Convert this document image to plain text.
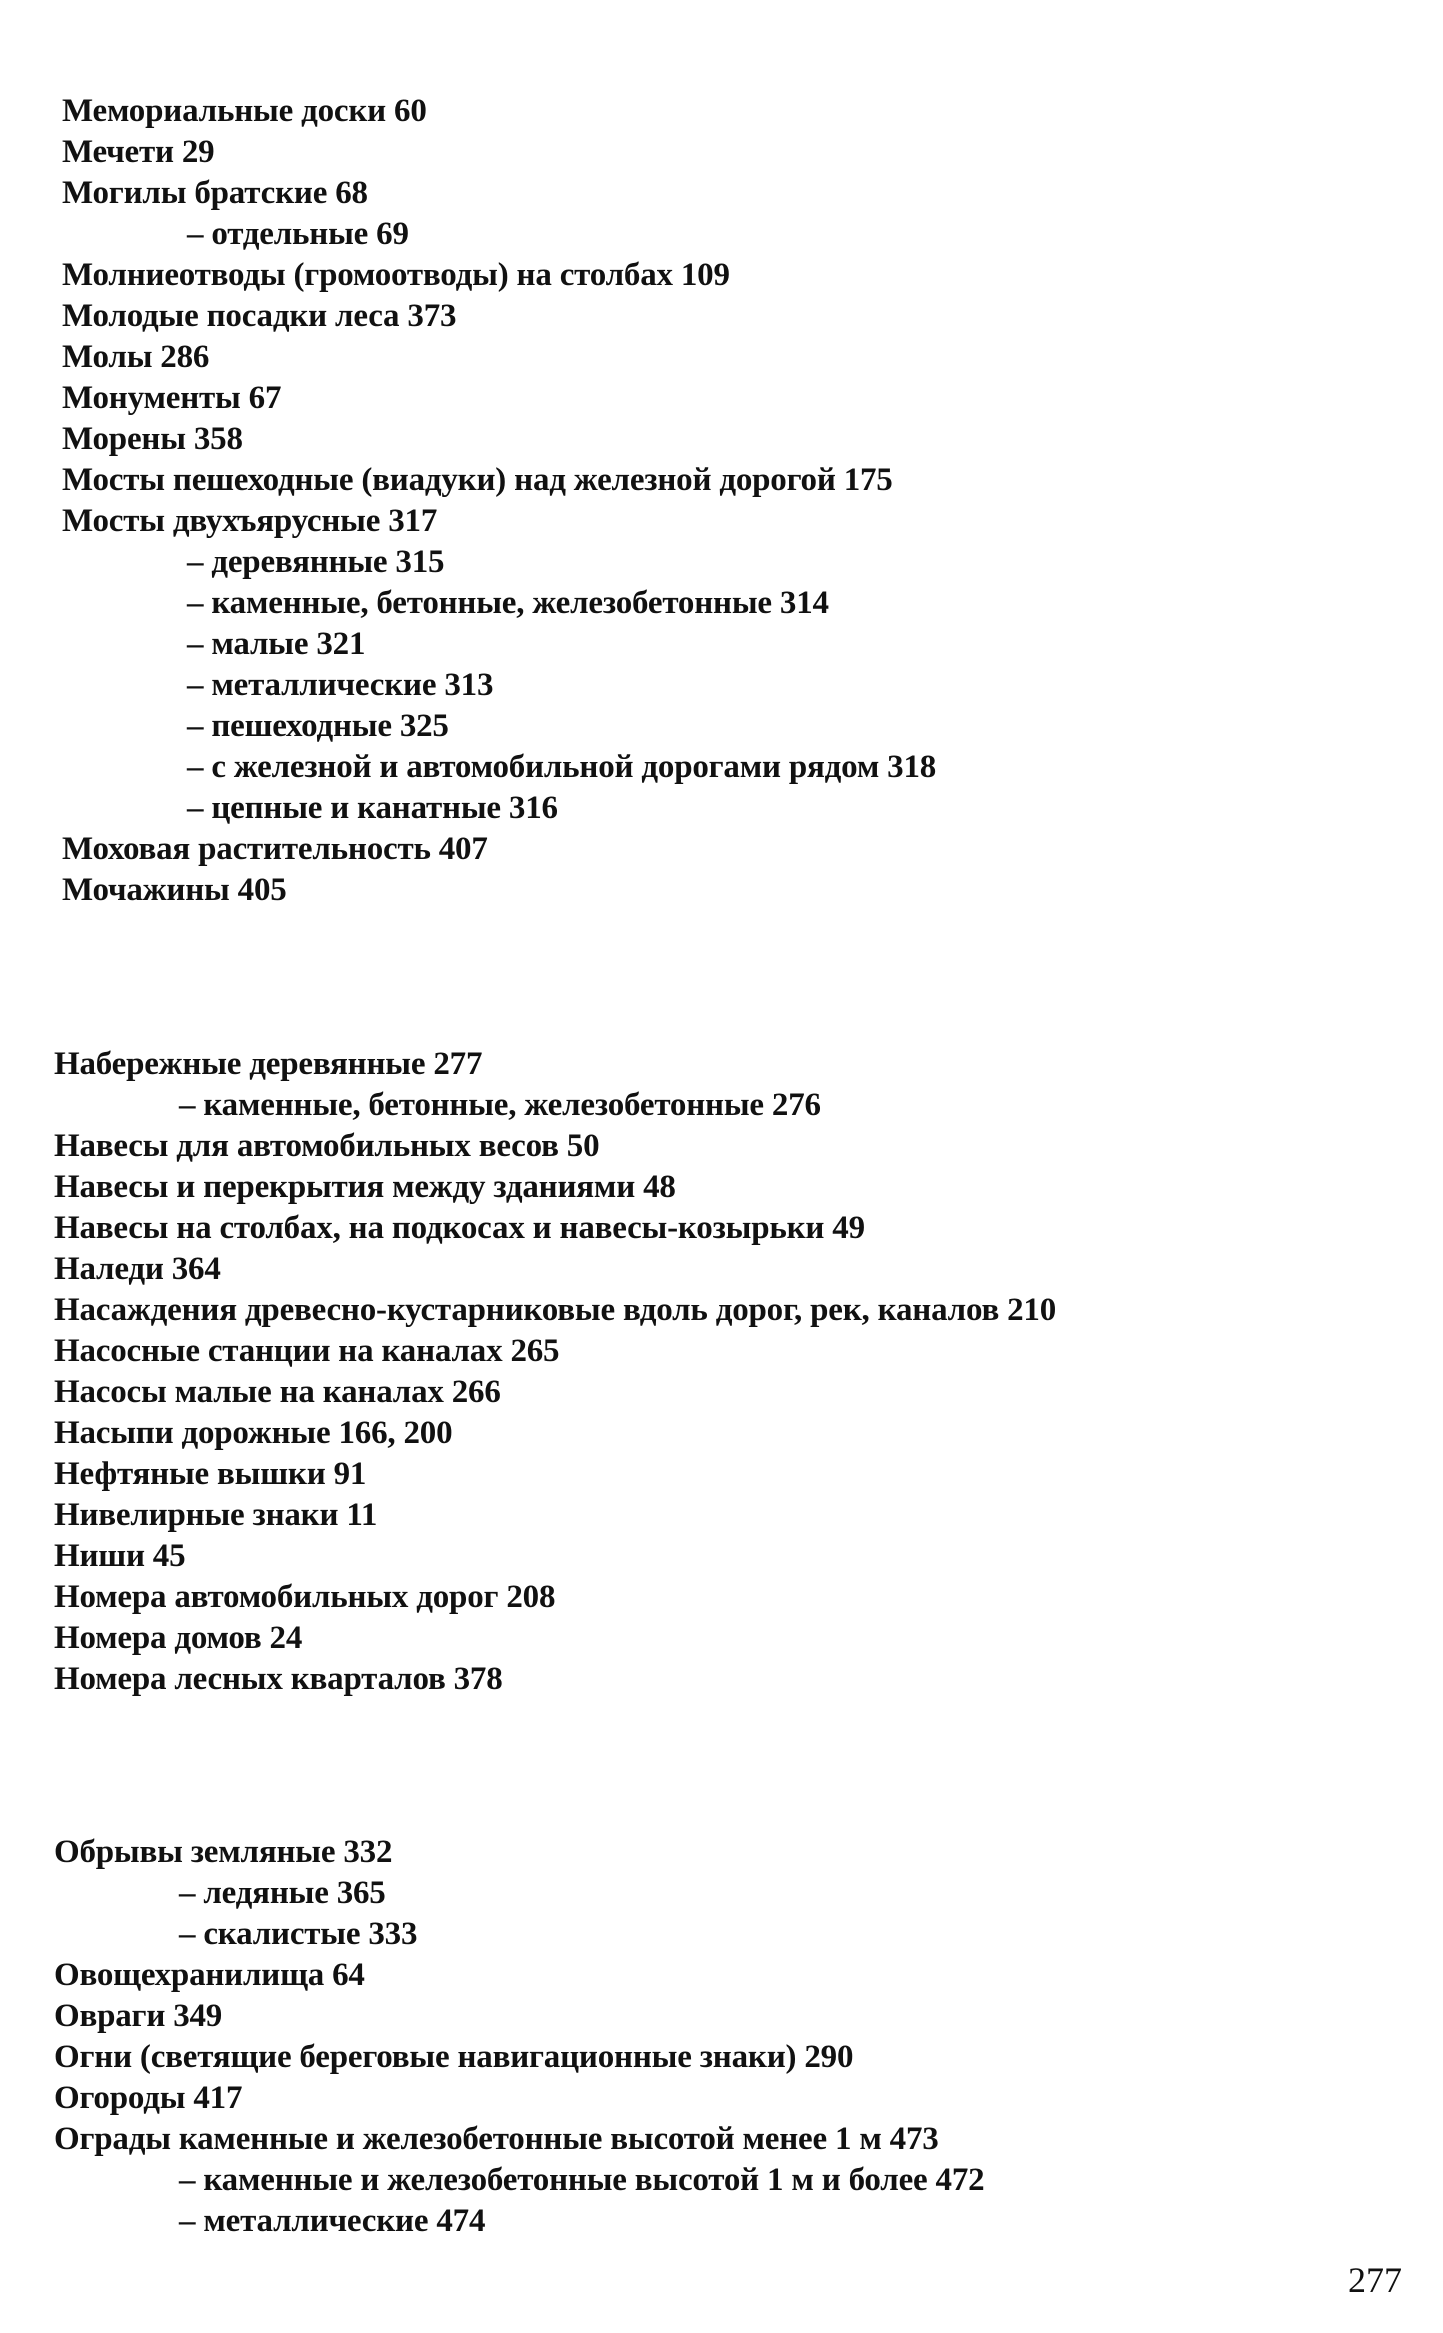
Мемориальные доски 60
Мечети 29
Могилы братские 68
– отдельные 69
Молниеотводы (громоотводы) на столбах 109
Молодые посадки леса 373
Молы 286
Монументы 67
Морены 358
Мосты пешеходные (виадуки) над железной дорогой 175
Мосты двухъярусные 317
– деревянные 315
– каменные, бетонные, железобетонные 314
– малые 321
– металлические 313
– пешеходные 325
– с железной и автомобильной дорогами рядом 318
– цепные и канатные 316
Моховая растительность 407
Мочажины 405
Набережные деревянные 277
– каменные, бетонные, железобетонные 276
Навесы для автомобильных весов 50
Навесы и перекрытия между зданиями 48
Навесы на столбах, на подкосах и навесы-козырьки 49
Наледи 364
Насаждения древесно-кустарниковые вдоль дорог, рек, каналов 210
Насосные станции на каналах 265
Насосы малые на каналах 266
Насыпи дорожные 166, 200
Нефтяные вышки 91
Нивелирные знаки 11
Ниши 45
Номера автомобильных дорог 208
Номера домов 24
Номера лесных кварталов 378
Обрывы земляные 332
– ледяные 365
– скалистые 333
Овощехранилища 64
Овраги 349
Огни (светящие береговые навигационные знаки) 290
Огороды 417
Ограды каменные и железобетонные высотой менее 1 м 473
– каменные и железобетонные высотой 1 м и более 472
– металлические 474
277
